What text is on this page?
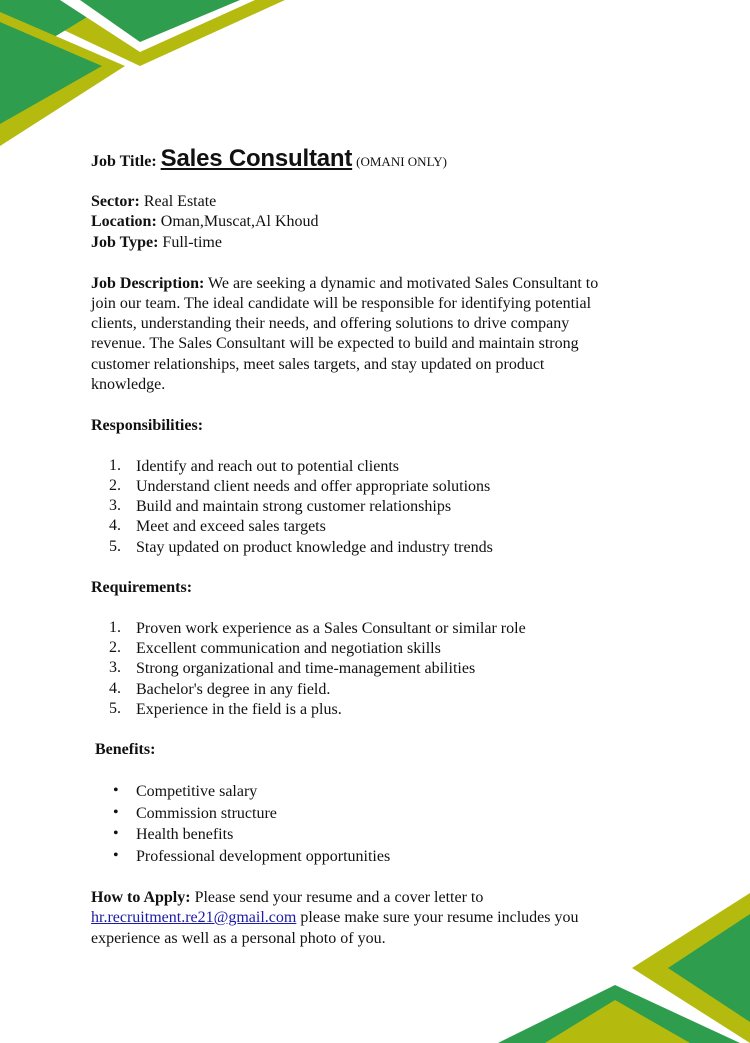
Job Title: Sales Consultant (OMANI ONLY)
Sector: Real Estate
Location: Oman,Muscat,Al Khoud
Job Type: Full-time
Job Description: We are seeking a dynamic and motivated Sales Consultant to
join our team. The ideal candidate will be responsible for identifying potential
clients, understanding their needs, and offering solutions to drive company
revenue. The Sales Consultant will be expected to build and maintain strong
customer relationships, meet sales targets, and stay updated on product
knowledge.
Responsibilities:
1. Identify and reach out to potential clients
2. Understand client needs and offer appropriate solutions
3. Build and maintain strong customer relationships
4. Meet and exceed sales targets
5. Stay updated on product knowledge and industry trends
Requirements:
1. Proven work experience as a Sales Consultant or similar role
2. Excellent communication and negotiation skills
3. Strong organizational and time-management abilities
4. Bachelor's degree in any field.
5. Experience in the field is a plus.
Benefits:
• Competitive salary
• Commission structure
• Health benefits
• Professional development opportunities
How to Apply: Please send your resume and a cover letter to
hr.recruitment.re21@gmail.com please make sure your resume includes you
experience as well as a personal photo of you.
